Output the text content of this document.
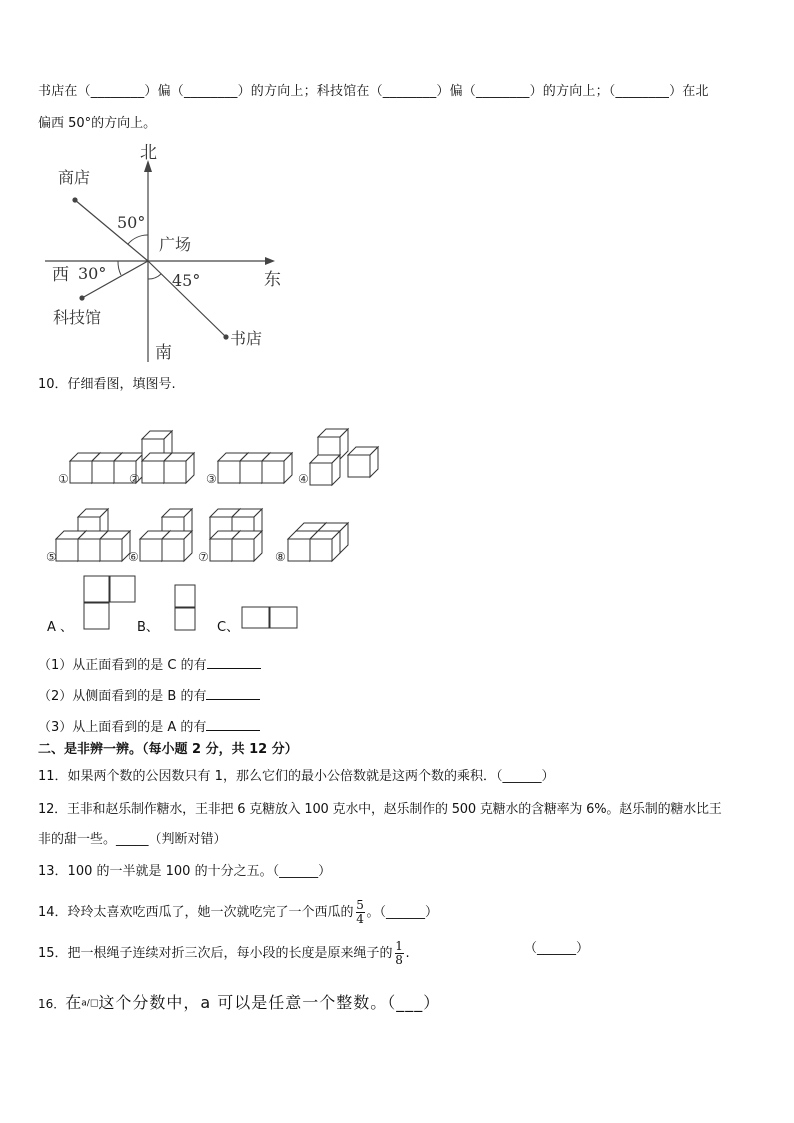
书店在（________）偏（________）的方向上；科技馆在（________）偏（________）的方向上；（________）在北
偏西 50°的方向上。
北
南
东
西
广场
商店
科技馆
书店
50°
30°	45°
10．仔细看图，填图号.
①	②	③	④
⑤	⑥	⑦	⑧
A 、	B、	C、
（1）从正面看到的是 C 的有
（2）从侧面看到的是 B 的有
（3）从上面看到的是 A 的有
二、是非辨一辨。（每小题 2 分，共 12 分）
11．如果两个数的公因数只有 1，那么它们的最小公倍数就是这两个数的乘积．（______）
12．王非和赵乐制作糖水，王非把 6 克糖放入 100 克水中，赵乐制作的 500 克糖水的含糖率为 6%。赵乐制的糖水比王
非的甜一些。_____（判断对错）
13．100 的一半就是 100 的十分之五。（______）
14．玲玲太喜欢吃西瓜了，她一次就吃完了一个西瓜的 $\frac{5}{4}$ 。（______）
15．把一根绳子连续对折三次后，每小段的长度是原来绳子的 $\frac{1}{8}$ .	（______）
16．在a/□这个分数中，a 可以是任意一个整数。（___）
